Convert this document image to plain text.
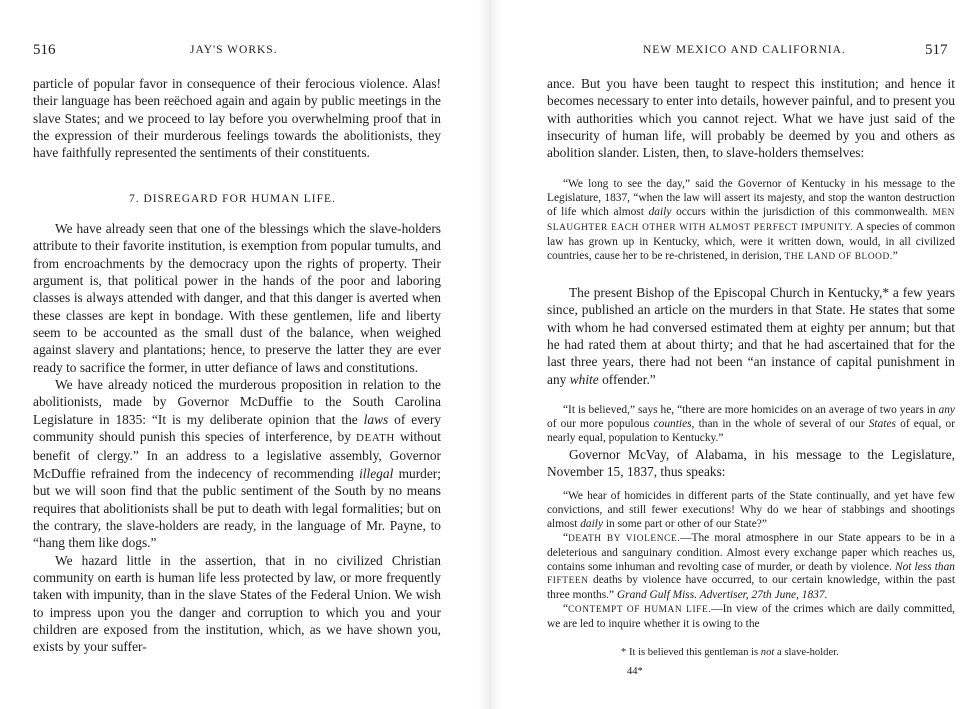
516	JAY'S WORKS.

particle of popular favor in consequence of their ferocious violence. Alas! their language has been reëchoed again and again by public meetings in the slave States; and we proceed to lay before you overwhelming proof that in the expression of their murderous feelings towards the abolitionists, they have faithfully represented the sentiments of their constituents.

7. DISREGARD FOR HUMAN LIFE.

We have already seen that one of the blessings which the slave-holders attribute to their favorite institution, is exemption from popular tumults, and from encroachments by the democracy upon the rights of property. Their argument is, that political power in the hands of the poor and laboring classes is always attended with danger, and that this danger is averted when these classes are kept in bondage. With these gentlemen, life and liberty seem to be accounted as the small dust of the balance, when weighed against slavery and plantations; hence, to preserve the latter they are ever ready to sacrifice the former, in utter defiance of laws and constitutions.

We have already noticed the murderous proposition in relation to the abolitionists, made by Governor McDuffie to the South Carolina Legislature in 1835: “It is my deliberate opinion that the laws of every community should punish this species of interference, by DEATH without benefit of clergy.” In an address to a legislative assembly, Governor McDuffie refrained from the indecency of recommending illegal murder; but we will soon find that the public sentiment of the South by no means requires that abolitionists shall be put to death with legal formalities; but on the contrary, the slave-holders are ready, in the language of Mr. Payne, to “hang them like dogs.”

We hazard little in the assertion, that in no civilized Christian community on earth is human life less protected by law, or more frequently taken with impunity, than in the slave States of the Federal Union. We wish to impress upon you the danger and corruption to which you and your children are exposed from the institution, which, as we have shown you, exists by your suffer-

NEW MEXICO AND CALIFORNIA.	517

ance. But you have been taught to respect this institution; and hence it becomes necessary to enter into details, however painful, and to present you with authorities which you cannot reject. What we have just said of the insecurity of human life, will probably be deemed by you and others as abolition slander. Listen, then, to slave-holders themselves:

“We long to see the day,” said the Governor of Kentucky in his message to the Legislature, 1837, “when the law will assert its majesty, and stop the wanton destruction of life which almost daily occurs within the jurisdiction of this commonwealth. MEN SLAUGHTER EACH OTHER WITH ALMOST PERFECT IMPUNITY. A species of common law has grown up in Kentucky, which, were it written down, would, in all civilized countries, cause her to be re-christened, in derision, THE LAND OF BLOOD.”

The present Bishop of the Episcopal Church in Kentucky,* a few years since, published an article on the murders in that State. He states that some with whom he had conversed estimated them at eighty per annum; but that he had rated them at about thirty; and that he had ascertained that for the last three years, there had not been “an instance of capital punishment in any white offender.”

“It is believed,” says he, “there are more homicides on an average of two years in any of our more populous counties, than in the whole of several of our States of equal, or nearly equal, population to Kentucky.”

Governor McVay, of Alabama, in his message to the Legislature, November 15, 1837, thus speaks:

“We hear of homicides in different parts of the State continually, and yet have few convictions, and still fewer executions! Why do we hear of stabbings and shootings almost daily in some part or other of our State?”

“DEATH BY VIOLENCE.—The moral atmosphere in our State appears to be in a deleterious and sanguinary condition. Almost every exchange paper which reaches us, contains some inhuman and revolting case of murder, or death by violence. Not less than FIFTEEN deaths by violence have occurred, to our certain knowledge, within the past three months.” Grand Gulf Miss. Advertiser, 27th June, 1837.

“CONTEMPT OF HUMAN LIFE.—In view of the crimes which are daily committed, we are led to inquire whether it is owing to the

* It is believed this gentleman is not a slave-holder.
44*
